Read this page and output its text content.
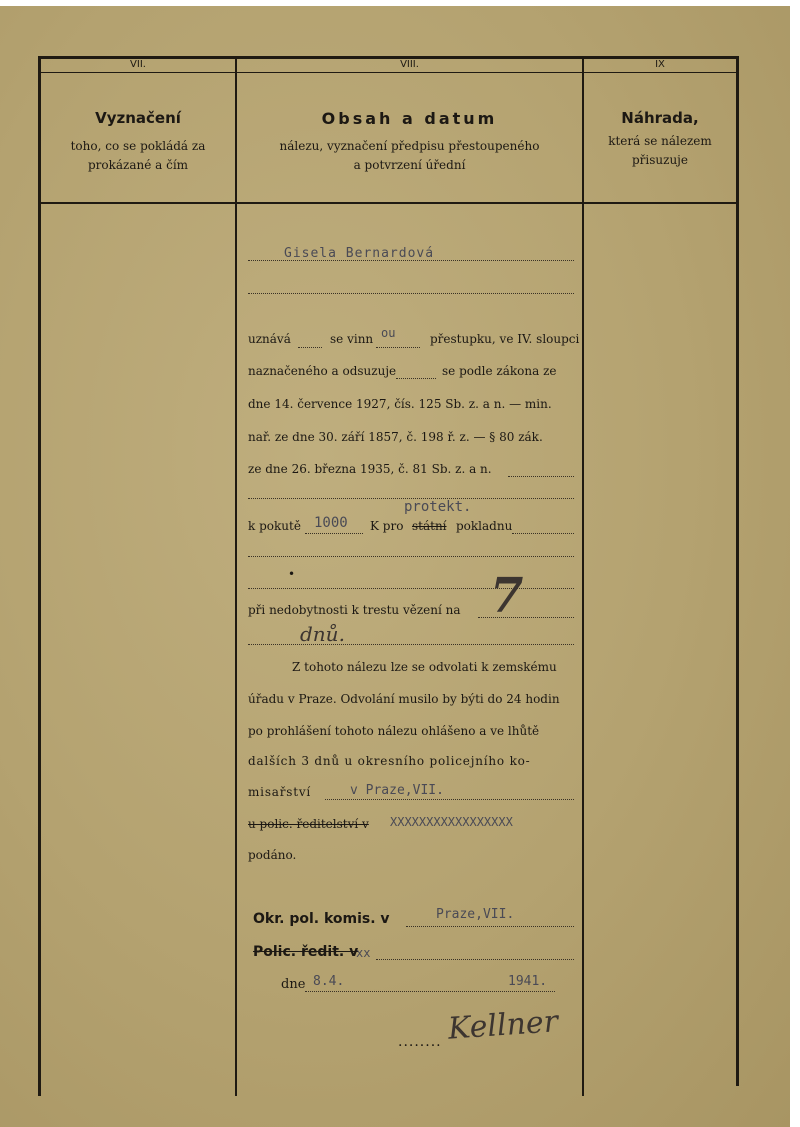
VII.
Vyznačení
toho, co se pokládá za
prokázané a čím
VIII.
Obsah a datum
nálezu, vyznačení předpisu přestoupeného
a potvrzení úřední
IX
Náhrada,
která se nálezem
přisuzuje
Gisela Bernardová
uznává	se vinn ou	přestupku, ve IV. sloupci
naznačeného a odsuzuje	se podle zákona ze
dne 14. července 1927, čís. 125 Sb. z. a n. — min.
nař. ze dne 30. září 1857, č. 198 ř. z. — § 80 zák.
ze dne 26. března 1935, č. 81 Sb. z. a n.
protekt.
k pokutě 1000 K pro státní pokladnu
•
při nedobytnosti k trestu vězení na 7
dnů.
Z tohoto nálezu lze se odvolati k zemskému
úřadu v Praze. Odvolání musilo by býti do 24 hodin
po prohlášení tohoto nálezu ohlášeno a ve lhůtě
dalších 3 dnů u okresního policejního ko-
misařství	v Praze,VII.
u polic. ředitelství v XXXXXXXXXXXXXXXXX
podáno.
Okr. pol. komis. v	Praze,VII.
Polic. ředit. v
xx
dne 8.4.	1941.
........ Kellner
